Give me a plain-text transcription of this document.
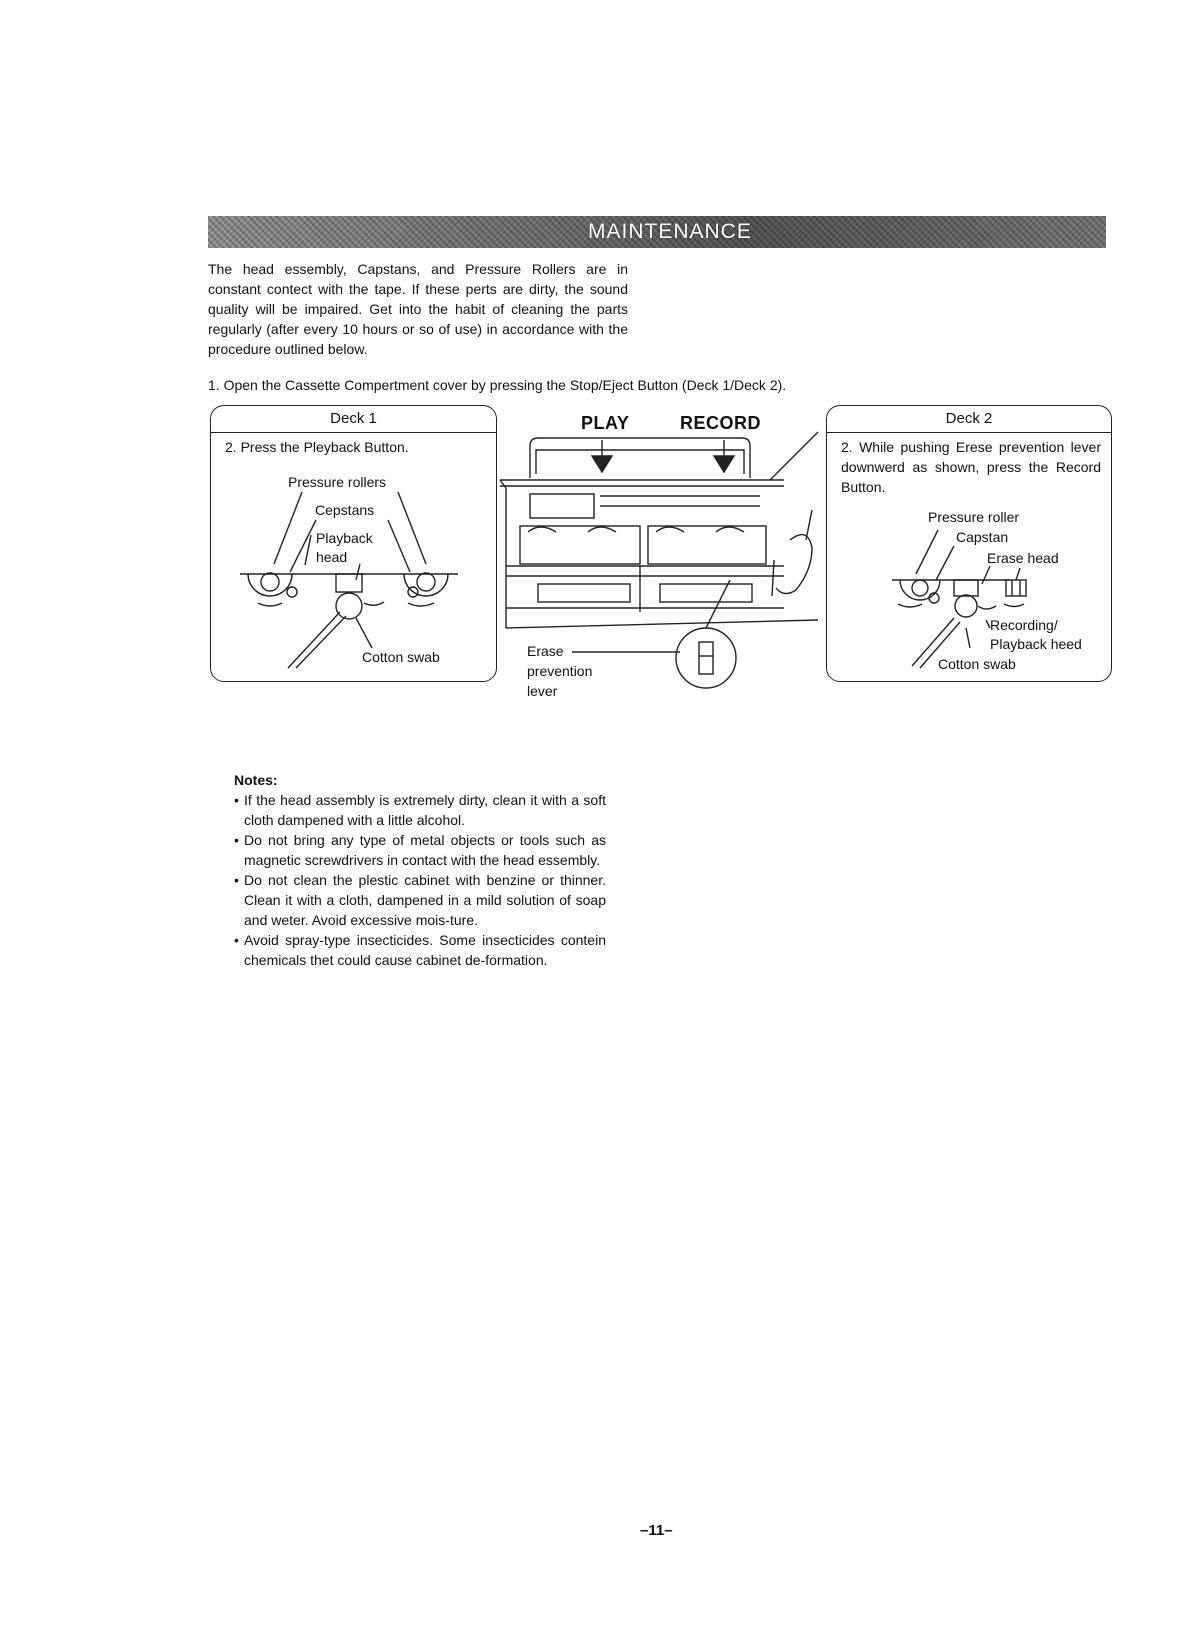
MAINTENANCE
The head essembly, Capstans, and Pressure Rollers are in constant contect with the tape. If these perts are dirty, the sound quality will be impaired. Get into the habit of cleaning the parts regularly (after every 10 hours or so of use) in accordance with the procedure outlined below.
1. Open the Cassette Compertment cover by pressing the Stop/Eject Button (Deck 1/Deck 2).
Deck 1
2. Press the Pleyback Button.
Pressure rollers
Cepstans
Playback
head
Cotton swab
PLAY	RECORD
Erase
prevention
lever
Deck 2
2. While pushing Erese prevention lever downwerd as shown, press the Record Button.
Pressure roller
Capstan
Erase head
Recording/
Playback heed
Cotton swab
Notes:
• If the head assembly is extremely dirty, clean it with a soft cloth dampened with a little alcohol.
• Do not bring any type of metal objects or tools such as magnetic screwdrivers in contact with the head essembly.
• Do not clean the plestic cabinet with benzine or thinner. Clean it with a cloth, dampened in a mild solution of soap and weter. Avoid excessive mois-ture.
• Avoid spray-type insecticides. Some insecticides contein chemicals thet could cause cabinet de-formation.
–11–
